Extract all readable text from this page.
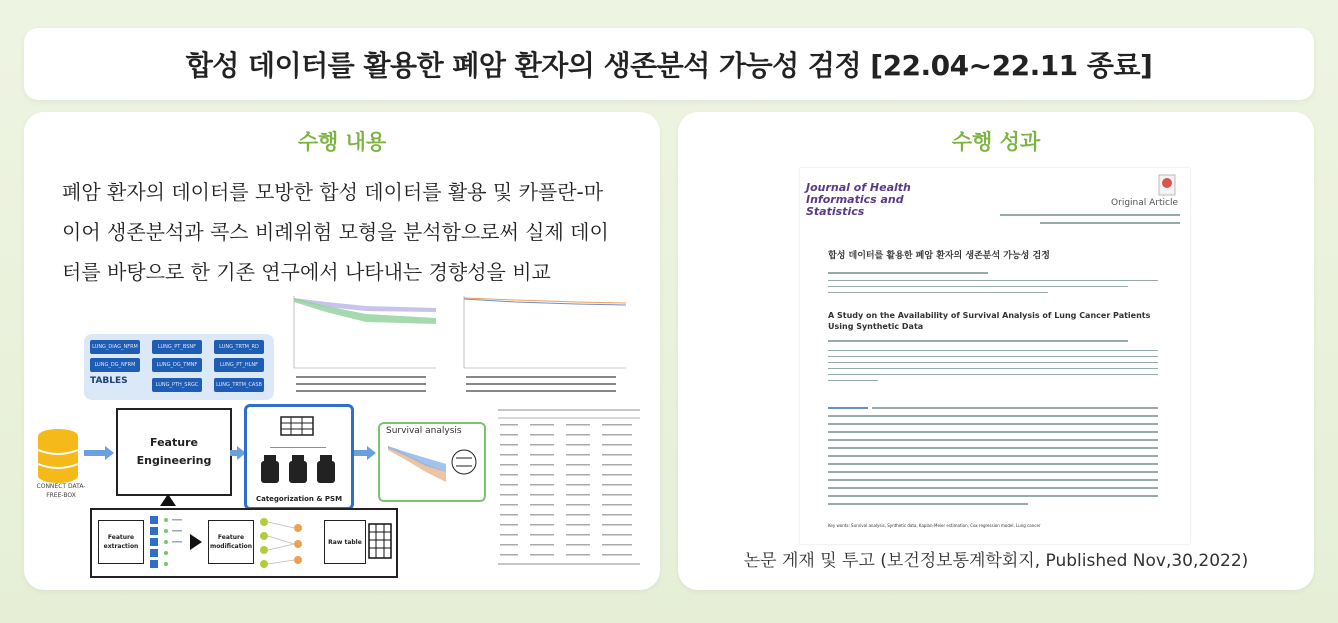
합성 데이터를 활용한 폐암 환자의 생존분석 가능성 검정 [22.04~22.11 종료]
수행 내용
폐암 환자의 데이터를 모방한 합성 데이터를 활용 및 카플란-마이어 생존분석과 콕스 비례위험 모형을 분석함으로써 실제 데이터를 바탕으로 한 기존 연구에서 나타내는 경향성을 비교
LUNG_DIAG_NFRM	LUNG_PT_BSNF	LUNG_TRTM_RD
LUNG_DG_NFRM	LUNG_DG_TMNF	LUNG_PT_HLNF
TABLES	LUNG_PTH_SRGC	LUNG_TRTM_CASB
CONNECT DATA-FREE-BOX
Feature Engineering
Categorization & PSM
Survival analysis
Feature extraction
Feature modification
Raw table
수행 성과
Journal of Health Informatics and Statistics
Original Article
합성 데이터를 활용한 폐암 환자의 생존분석 가능성 검정
A Study on the Availability of Survival Analysis of Lung Cancer Patients Using Synthetic Data
Key words: Survival analysis, Synthetic data, Kaplan-Meier estimation, Cox regression model, Lung cancer
논문 게재 및 투고 (보건정보통계학회지, Published Nov,30,2022)
